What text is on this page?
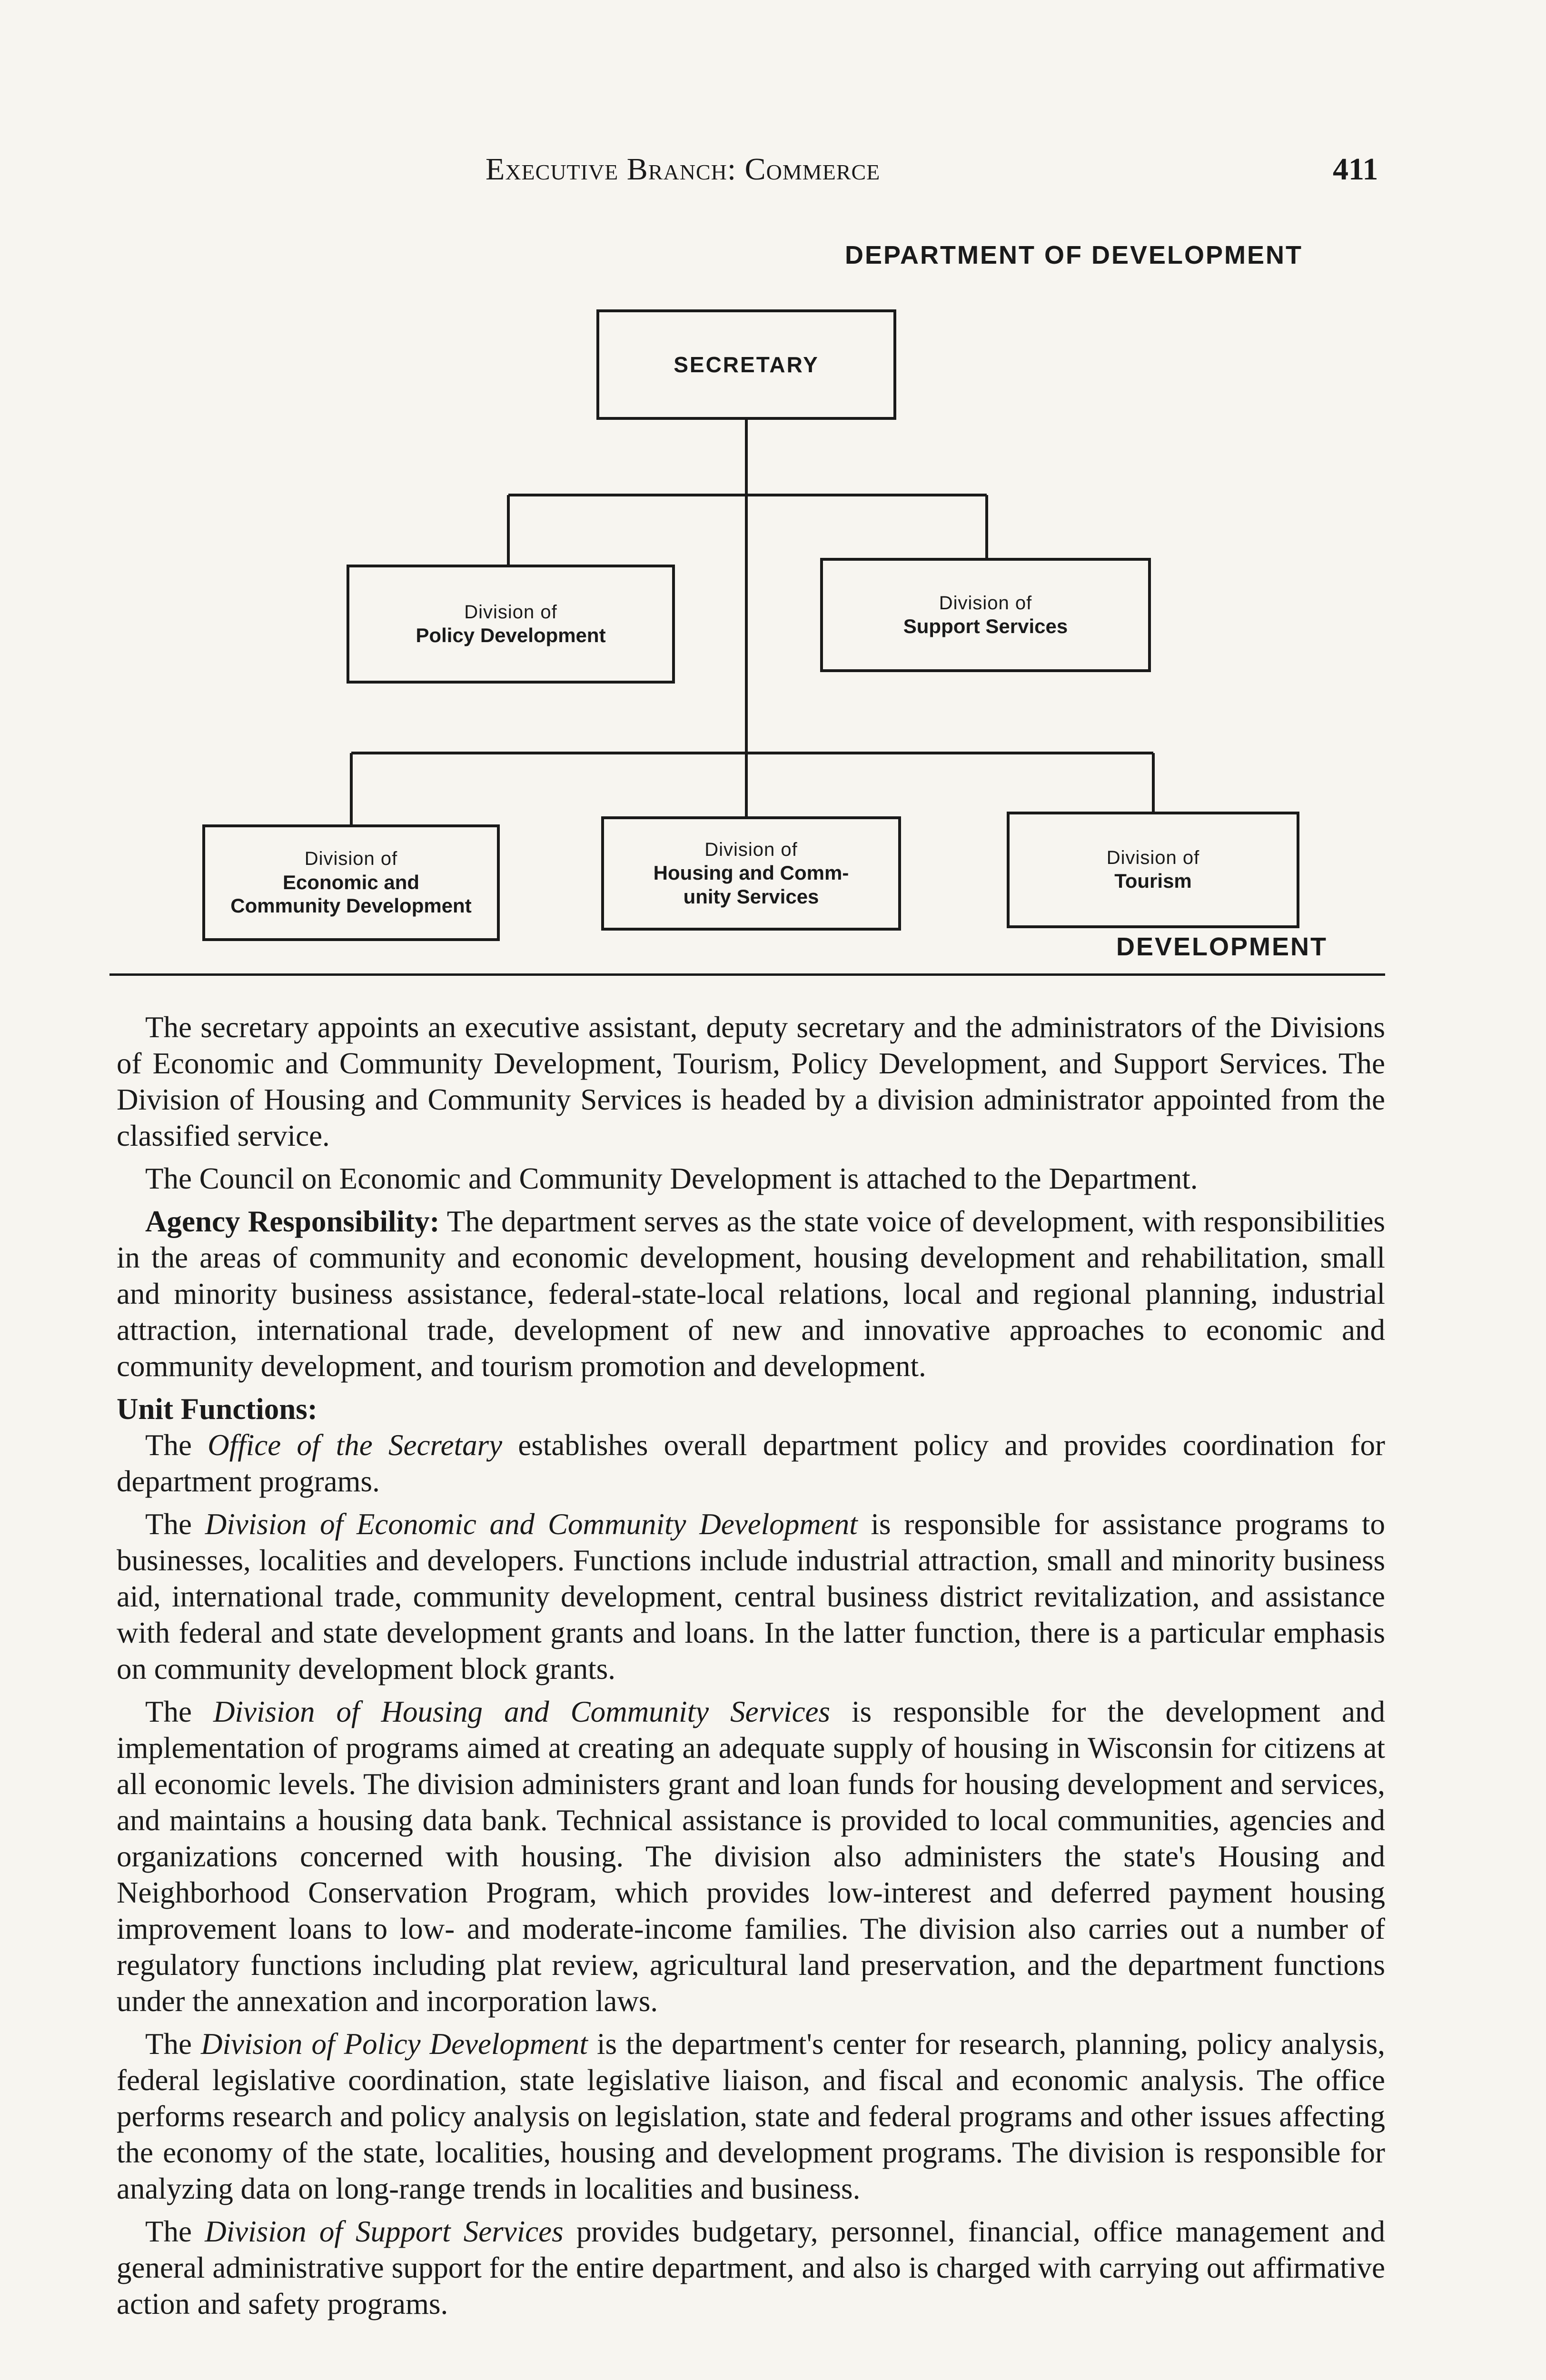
Executive Branch: Commerce	411
DEPARTMENT OF DEVELOPMENT
SECRETARY
Division of
Policy Development
Division of
Support Services
Division of
Economic and
Community Development
Division of
Housing and Comm-
unity Services
Division of
Tourism
DEVELOPMENT

The secretary appoints an executive assistant, deputy secretary and the administrators of the Divisions of Economic and Community Development, Tourism, Policy Development, and Support Services. The Division of Housing and Community Services is headed by a division administrator appointed from the classified service.

The Council on Economic and Community Development is attached to the Department.

Agency Responsibility: The department serves as the state voice of development, with responsibilities in the areas of community and economic development, housing development and rehabilitation, small and minority business assistance, federal-state-local relations, local and regional planning, industrial attraction, international trade, development of new and innovative approaches to economic and community development, and tourism promotion and development.

Unit Functions:

The Office of the Secretary establishes overall department policy and provides coordination for department programs.

The Division of Economic and Community Development is responsible for assistance programs to businesses, localities and developers. Functions include industrial attraction, small and minority business aid, international trade, community development, central business district revitalization, and assistance with federal and state development grants and loans. In the latter function, there is a particular emphasis on community development block grants.

The Division of Housing and Community Services is responsible for the development and implementation of programs aimed at creating an adequate supply of housing in Wisconsin for citizens at all economic levels. The division administers grant and loan funds for housing development and services, and maintains a housing data bank. Technical assistance is provided to local communities, agencies and organizations concerned with housing. The division also administers the state's Housing and Neighborhood Conservation Program, which provides low-interest and deferred payment housing improvement loans to low- and moderate-income families. The division also carries out a number of regulatory functions including plat review, agricultural land preservation, and the department functions under the annexation and incorporation laws.

The Division of Policy Development is the department's center for research, planning, policy analysis, federal legislative coordination, state legislative liaison, and fiscal and economic analysis. The office performs research and policy analysis on legislation, state and federal programs and other issues affecting the economy of the state, localities, housing and development programs. The division is responsible for analyzing data on long-range trends in localities and business.

The Division of Support Services provides budgetary, personnel, financial, office management and general administrative support for the entire department, and also is charged with carrying out affirmative action and safety programs.
